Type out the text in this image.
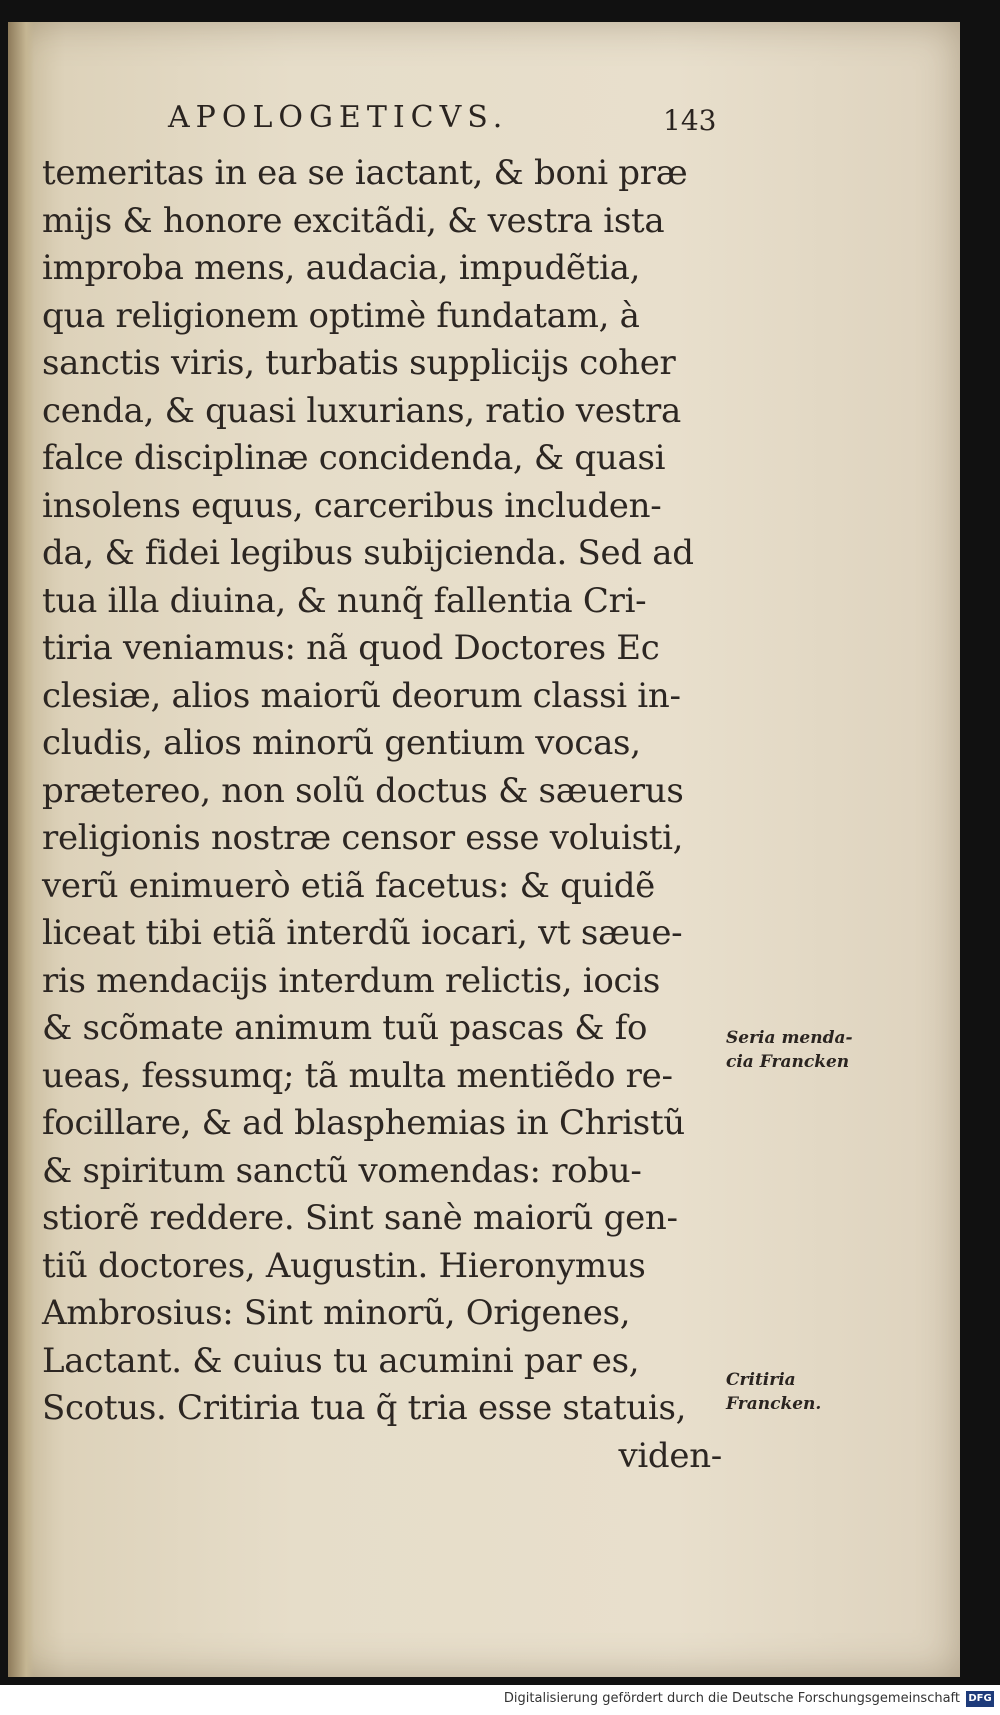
APOLOGETICVS.	143
temeritas in ea se iactant, & boni præ
mijs & honore excitãdi, & vestra ista
improba mens, audacia, impudẽtia,
qua religionem optimè fundatam, à
sanctis viris, turbatis supplicijs coher
cenda, & quasi luxurians, ratio vestra
falce disciplinæ concidenda, & quasi
insolens equus, carceribus includen-
da, & fidei legibus subijcienda. Sed ad
tua illa diuina, & nunq̃ fallentia Cri-
tiria veniamus: nã quod Doctores Ec
clesiæ, alios maiorũ deorum classi in-
cludis, alios minorũ gentium vocas,
prætereo, non solũ doctus & sæuerus
religionis nostræ censor esse voluisti,
verũ enimuerò etiã facetus: & quidẽ
liceat tibi etiã interdũ iocari, vt sæue-
ris mendacijs interdum relictis, iocis
& scõmate animum tuũ pascas & fo
ueas, fessumq; tã multa mentiẽdo re-
focillare, & ad blasphemias in Christũ
& spiritum sanctũ vomendas: robu-
stiorẽ reddere. Sint sanè maiorũ gen-
tiũ doctores, Augustin. Hieronymus
Ambrosius: Sint minorũ, Origenes,
Lactant. & cuius tu acumini par es,
Scotus. Critiria tua q̃ tria esse statuis,
viden-
Seria menda-
cia Francken
Critiria
Francken.
Digitalisierung gefördert durch die Deutsche Forschungsgemeinschaft DFG
